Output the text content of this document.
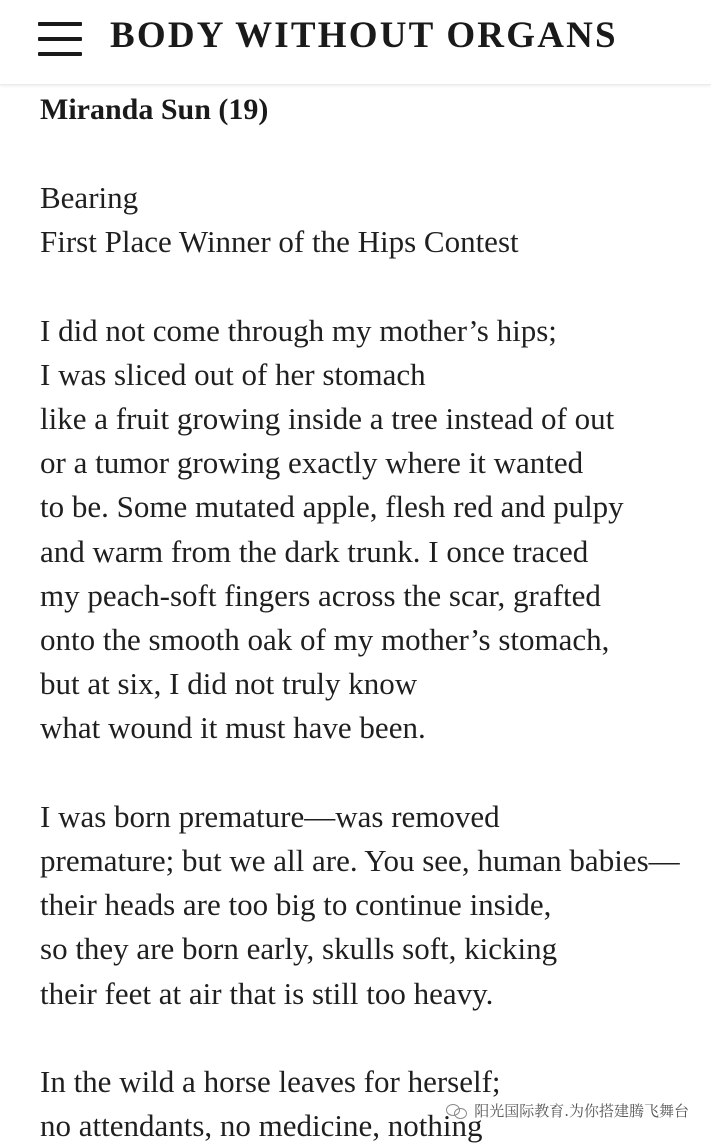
BODY WITHOUT ORGANS
Miranda Sun (19)
Bearing
First Place Winner of the Hips Contest
I did not come through my mother’s hips;
I was sliced out of her stomach
like a fruit growing inside a tree instead of out
or a tumor growing exactly where it wanted
to be. Some mutated apple, flesh red and pulpy
and warm from the dark trunk. I once traced
my peach-soft fingers across the scar, grafted
onto the smooth oak of my mother’s stomach,
but at six, I did not truly know
what wound it must have been.
I was born premature—was removed
premature; but we all are. You see, human babies—
their heads are too big to continue inside,
so they are born early, skulls soft, kicking
their feet at air that is still too heavy.
In the wild a horse leaves for herself;
no attendants, no medicine, nothing
阳光国际教育.为你搭建腾飞舞台
